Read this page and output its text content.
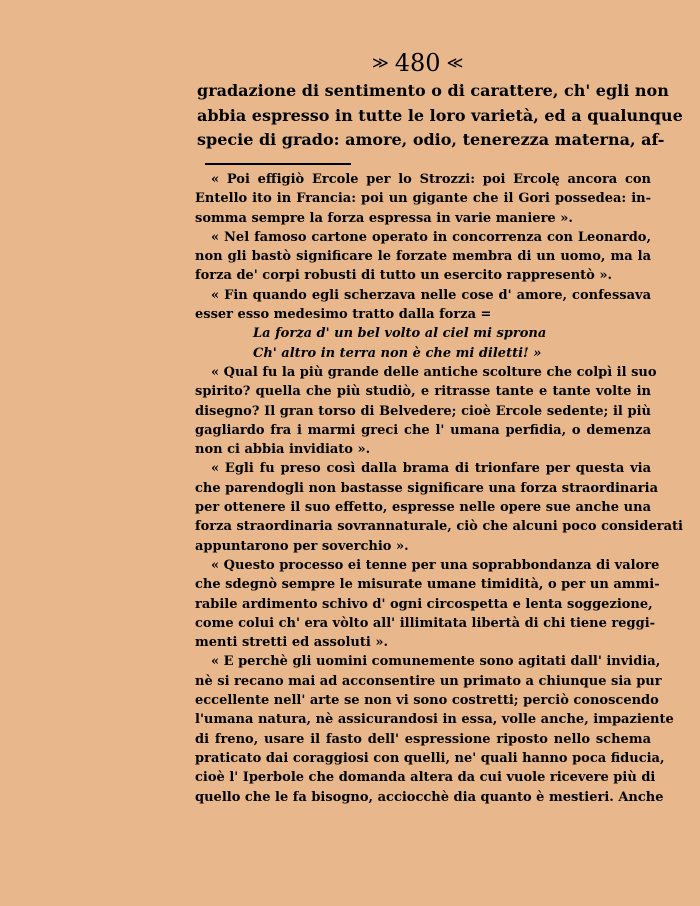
≫ 480 ≪
gradazione di sentimento o di carattere, ch' egli non
abbia espresso in tutte le loro varietà, ed a qualunque
specie di grado: amore, odio, tenerezza materna, af-
« Poi effigiò Ercole per lo Strozzi: poi Ercolę ancora con
Entello ito in Francia: poi un gigante che il Gori possedea: in-
somma sempre la forza espressa in varie maniere ».
« Nel famoso cartone operato in concorrenza con Leonardo,
non gli bastò significare le forzate membra di un uomo, ma la
forza de' corpi robusti di tutto un esercito rappresentò ».
« Fin quando egli scherzava nelle cose d' amore, confessava
esser esso medesimo tratto dalla forza =
La forza d' un bel volto al ciel mi sprona
Ch' altro in terra non è che mi diletti! »
« Qual fu la più grande delle antiche scolture che colpì il suo
spirito? quella che più studiò, e ritrasse tante e tante volte in
disegno? Il gran torso di Belvedere; cioè Ercole sedente; il più
gagliardo fra i marmi greci che l' umana perfidia, o demenza
non ci abbia invidiato ».
« Egli fu preso così dalla brama di trionfare per questa via
che parendogli non bastasse significare una forza straordinaria
per ottenere il suo effetto, espresse nelle opere sue anche una
forza straordinaria sovrannaturale, ciò che alcuni poco considerati
appuntarono per soverchio ».
« Questo processo ei tenne per una soprabbondanza di valore
che sdegnò sempre le misurate umane timidità, o per un ammi-
rabile ardimento schivo d' ogni circospetta e lenta soggezione,
come colui ch' era vòlto all' illimitata libertà di chi tiene reggi-
menti stretti ed assoluti ».
« E perchè gli uomini comunemente sono agitati dall' invidia,
nè si recano mai ad acconsentire un primato a chiunque sia pur
eccellente nell' arte se non vi sono costretti; perciò conoscendo
l'umana natura, nè assicurandosi in essa, volle anche, impaziente
di freno, usare il fasto dell' espressione riposto nello schema
praticato dai coraggiosi con quelli, ne' quali hanno poca fiducia,
cioè l' Iperbole che domanda altera da cui vuole ricevere più di
quello che le fa bisogno, acciocchè dia quanto è mestieri. Anche
